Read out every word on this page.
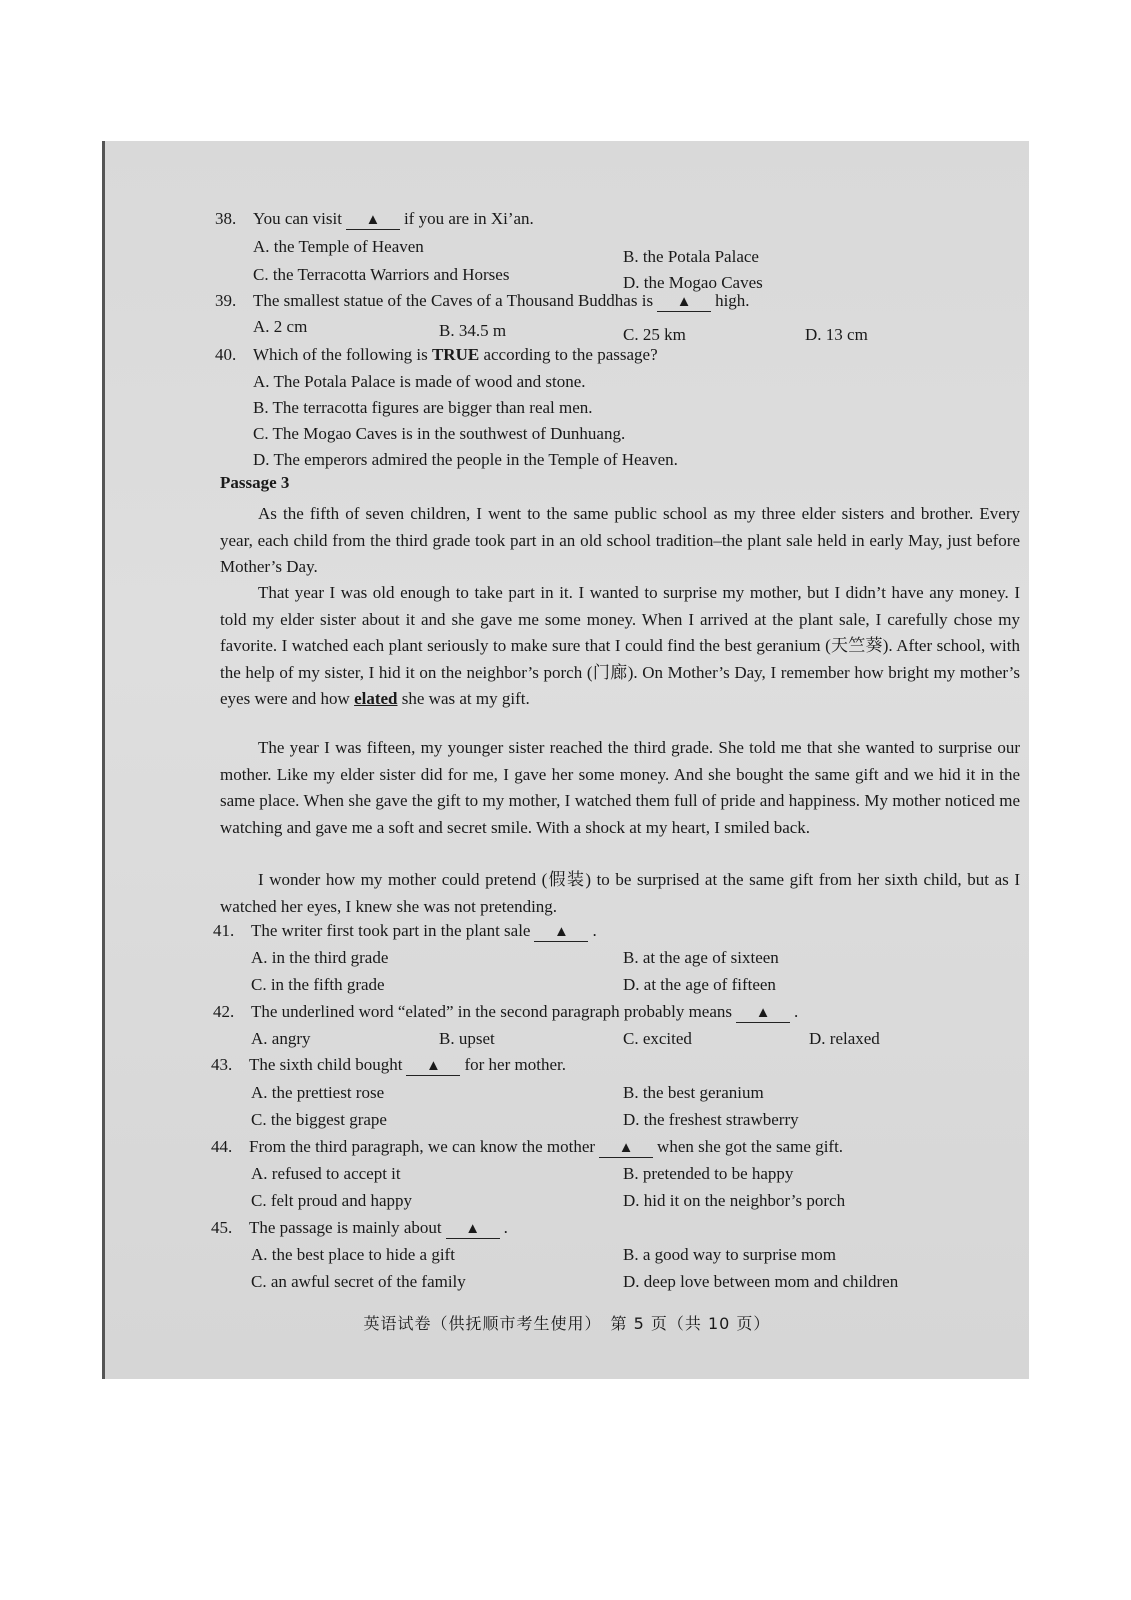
38. You can visit ▲ if you are in Xi’an.
A. the Temple of Heaven
B. the Potala Palace
C. the Terracotta Warriors and Horses	D. the Mogao Caves
39. The smallest statue of the Caves of a Thousand Buddhas is ▲ high.
A. 2 cm	B. 34.5 m	C. 25 km	D. 13 cm
40. Which of the following is TRUE according to the passage?
A. The Potala Palace is made of wood and stone.
B. The terracotta figures are bigger than real men.
C. The Mogao Caves is in the southwest of Dunhuang.
D. The emperors admired the people in the Temple of Heaven.
Passage 3
As the fifth of seven children, I went to the same public school as my three elder sisters and brother. Every year, each child from the third grade took part in an old school tradition–the plant sale held in early May, just before Mother’s Day.
That year I was old enough to take part in it. I wanted to surprise my mother, but I didn’t have any money. I told my elder sister about it and she gave me some money. When I arrived at the plant sale, I carefully chose my favorite. I watched each plant seriously to make sure that I could find the best geranium (天竺葵). After school, with the help of my sister, I hid it on the neighbor’s porch (门廊). On Mother’s Day, I remember how bright my mother’s eyes were and how elated she was at my gift.
The year I was fifteen, my younger sister reached the third grade. She told me that she wanted to surprise our mother. Like my elder sister did for me, I gave her some money. And she bought the same gift and we hid it in the same place. When she gave the gift to my mother, I watched them full of pride and happiness. My mother noticed me watching and gave me a soft and secret smile. With a shock at my heart, I smiled back.
I wonder how my mother could pretend (假装) to be surprised at the same gift from her sixth child, but as I watched her eyes, I knew she was not pretending.
41. The writer first took part in the plant sale ▲ .
A. in the third grade	B. at the age of sixteen
C. in the fifth grade	D. at the age of fifteen
42. The underlined word “elated” in the second paragraph probably means ▲ .
A. angry	B. upset	C. excited	D. relaxed
43. The sixth child bought ▲ for her mother.
A. the prettiest rose	B. the best geranium
C. the biggest grape	D. the freshest strawberry
44. From the third paragraph, we can know the mother ▲ when she got the same gift.
A. refused to accept it	B. pretended to be happy
C. felt proud and happy	D. hid it on the neighbor’s porch
45. The passage is mainly about ▲ .
A. the best place to hide a gift	B. a good way to surprise mom
C. an awful secret of the family	D. deep love between mom and children
英语试卷（供抚顺市考生使用）　第 5 页（共 10 页）
